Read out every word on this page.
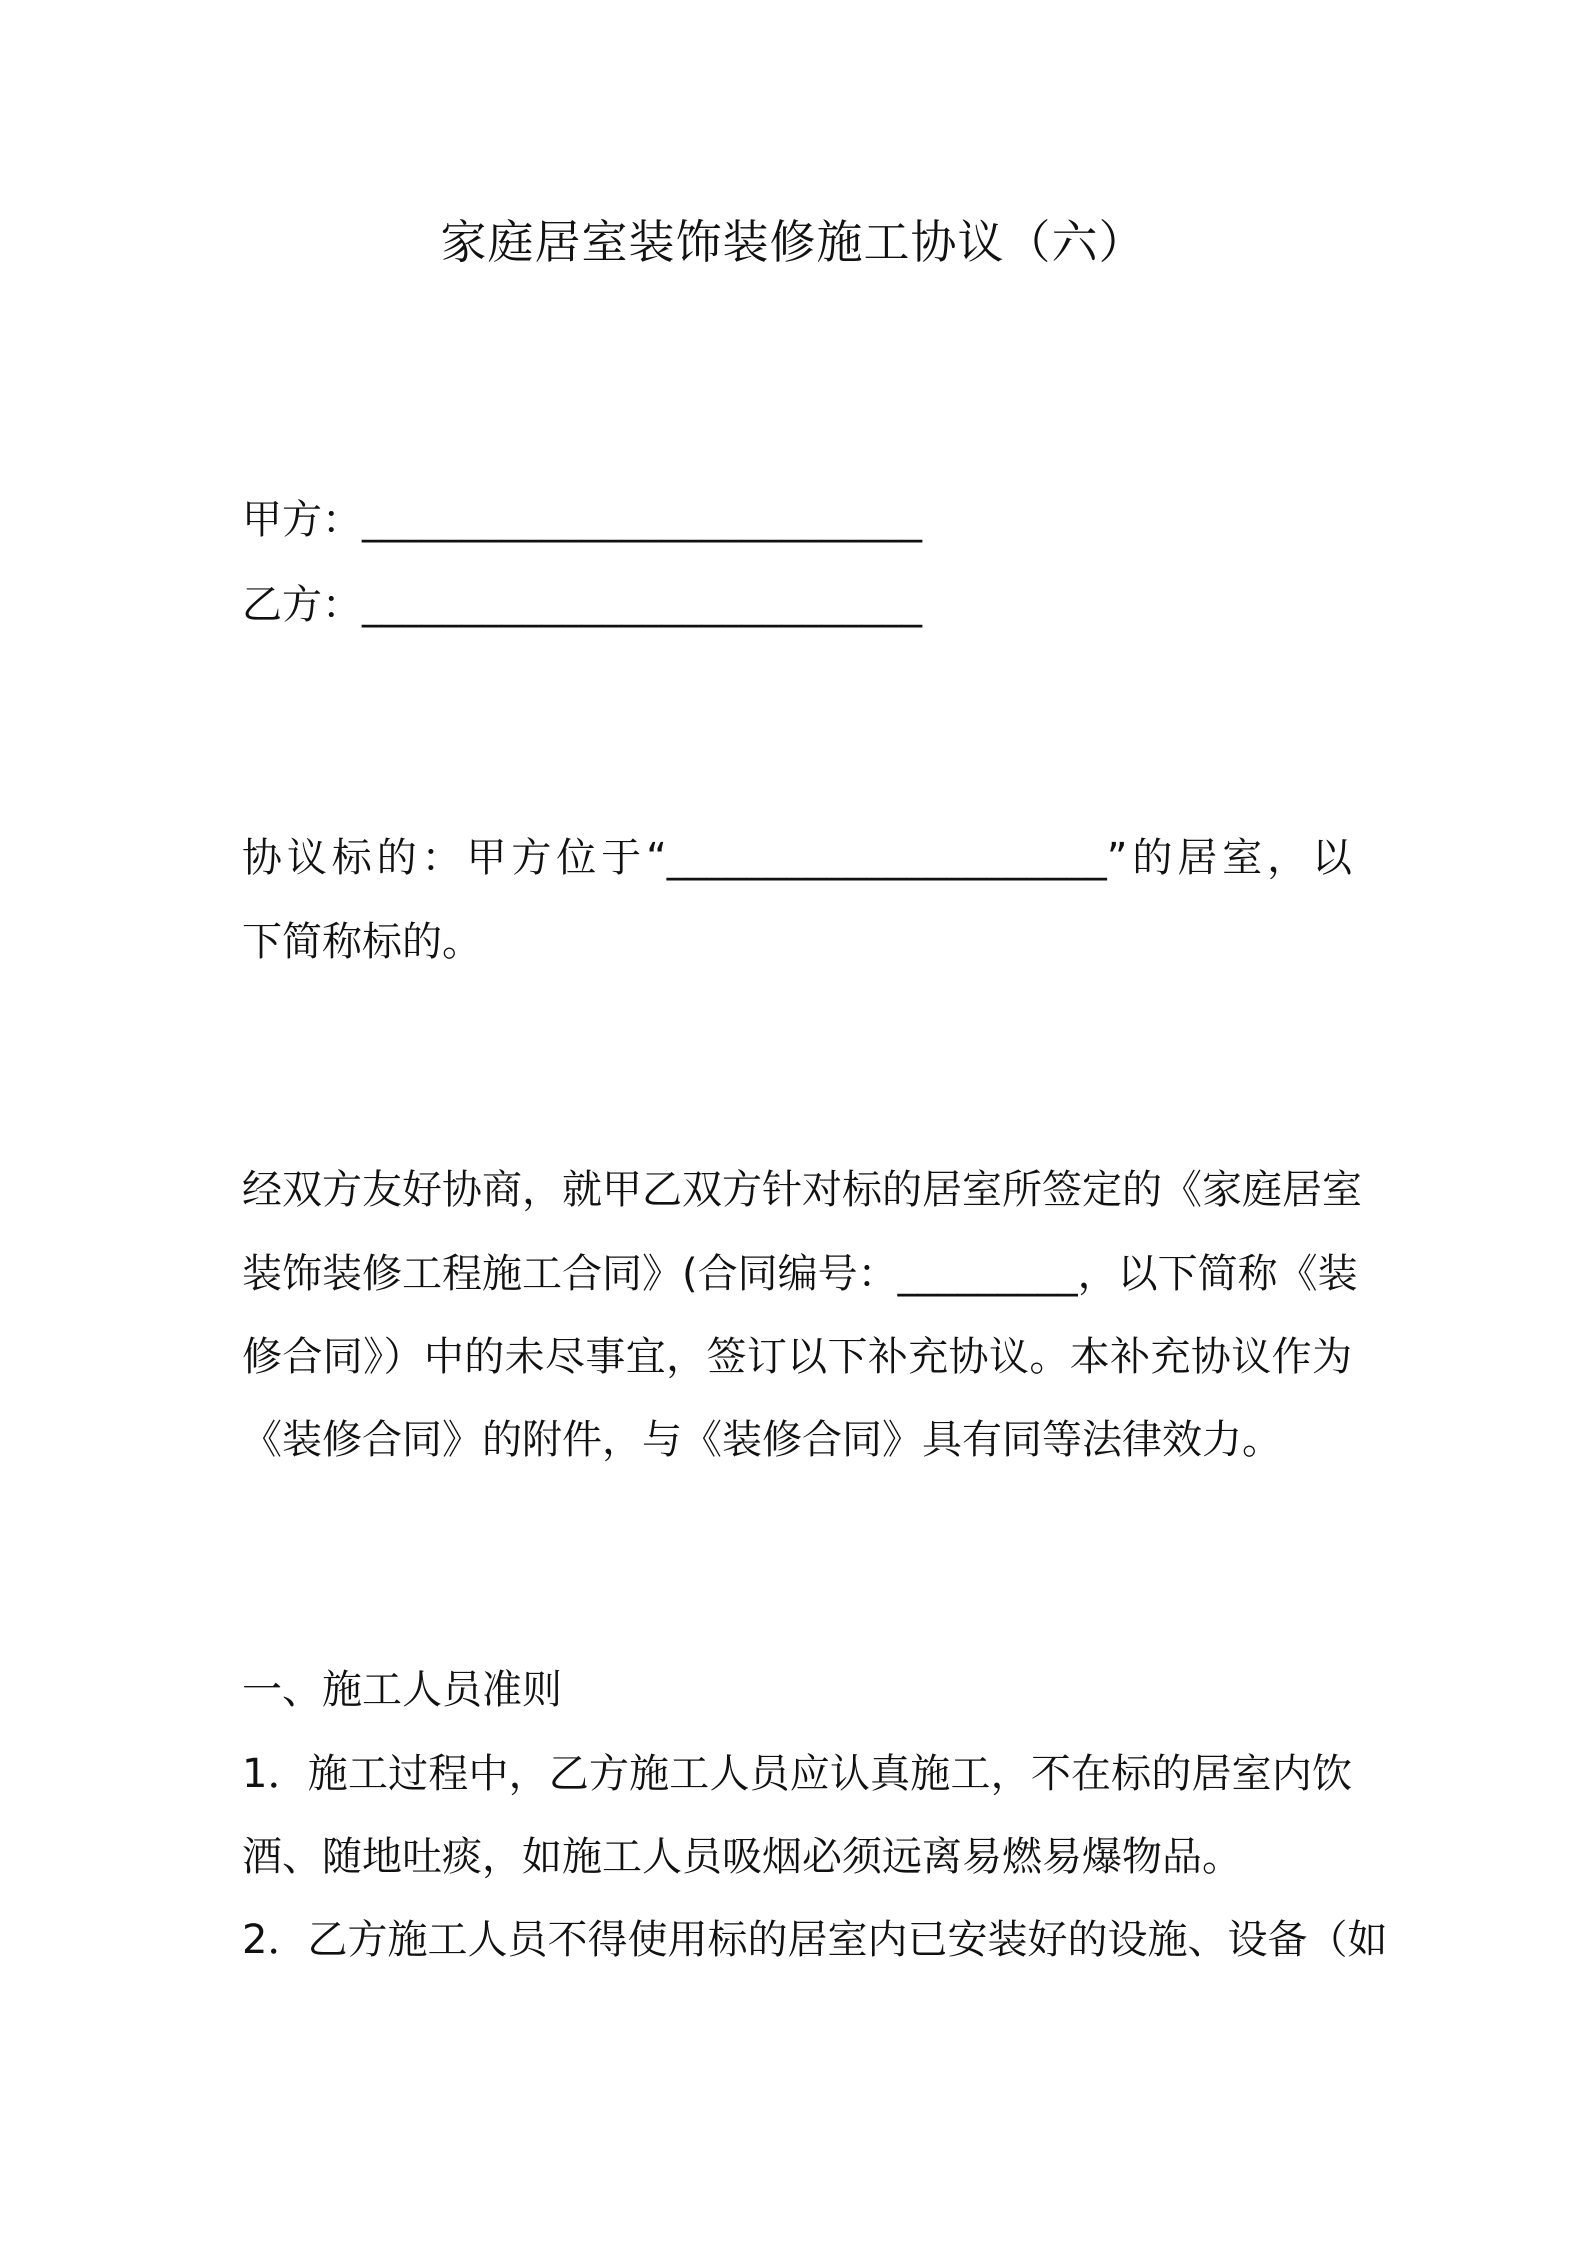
家庭居室装饰装修施工协议（六）
甲方：____________________________
乙方：____________________________
协议标的：甲方位于“______________________”的居室，以
下简称标的。
经双方友好协商，就甲乙双方针对标的居室所签定的《家庭居室
装饰装修工程施工合同》(合同编号：_________，以下简称《装
修合同》）中的未尽事宜，签订以下补充协议。本补充协议作为
《装修合同》的附件，与《装修合同》具有同等法律效力。
一、施工人员准则
1．施工过程中，乙方施工人员应认真施工，不在标的居室内饮
酒、随地吐痰，如施工人员吸烟必须远离易燃易爆物品。
2．乙方施工人员不得使用标的居室内已安装好的设施、设备（如
